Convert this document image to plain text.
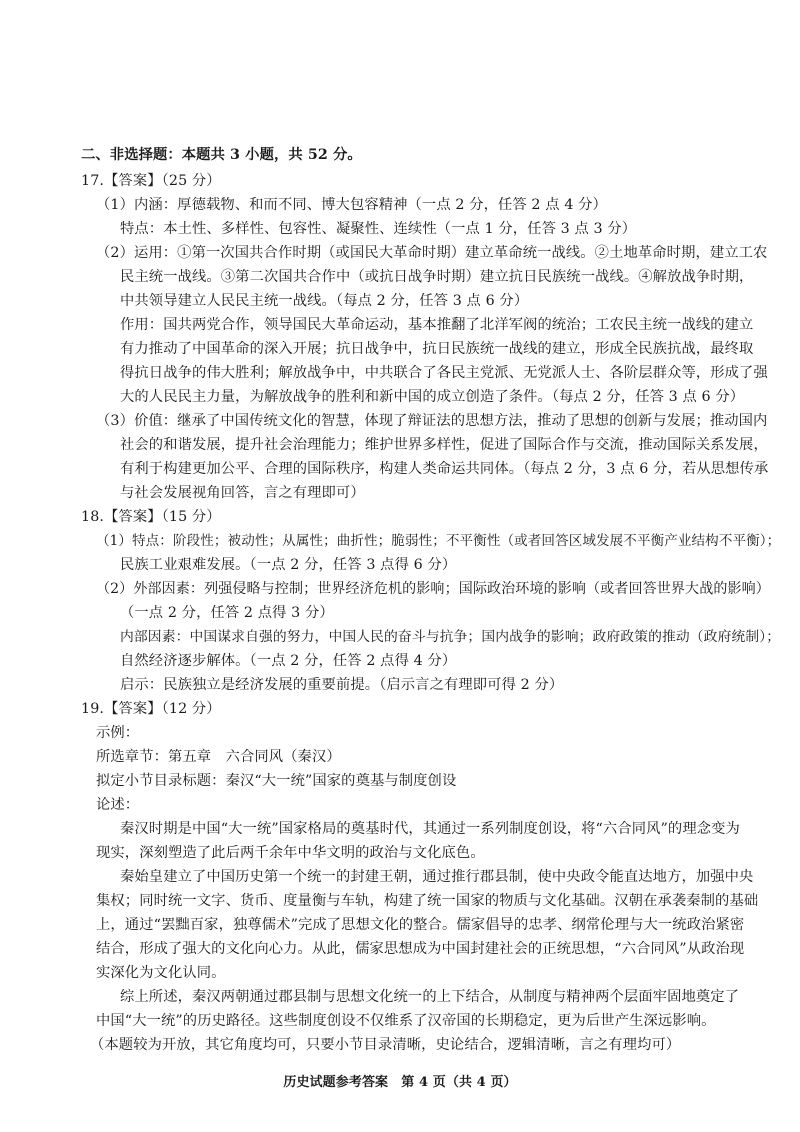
二、非选择题：本题共 3 小题，共 52 分。
17.【答案】（25 分）
（1）内涵：厚德载物、和而不同、博大包容精神（一点 2 分，任答 2 点 4 分）
特点：本土性、多样性、包容性、凝聚性、连续性（一点 1 分，任答 3 点 3 分）
（2）运用：①第一次国共合作时期（或国民大革命时期）建立革命统一战线。②土地革命时期，建立工农
民主统一战线。③第二次国共合作中（或抗日战争时期）建立抗日民族统一战线。④解放战争时期，
中共领导建立人民民主统一战线。（每点 2 分，任答 3 点 6 分）
作用：国共两党合作，领导国民大革命运动，基本推翻了北洋军阀的统治；工农民主统一战线的建立
有力推动了中国革命的深入开展；抗日战争中，抗日民族统一战线的建立，形成全民族抗战，最终取
得抗日战争的伟大胜利；解放战争中，中共联合了各民主党派、无党派人士、各阶层群众等，形成了强
大的人民民主力量，为解放战争的胜利和新中国的成立创造了条件。（每点 2 分，任答 3 点 6 分）
（3）价值：继承了中国传统文化的智慧，体现了辩证法的思想方法，推动了思想的创新与发展；推动国内
社会的和谐发展，提升社会治理能力；维护世界多样性，促进了国际合作与交流，推动国际关系发展，
有利于构建更加公平、合理的国际秩序，构建人类命运共同体。（每点 2 分，3 点 6 分，若从思想传承
与社会发展视角回答，言之有理即可）
18.【答案】（15 分）
（1）特点：阶段性；被动性；从属性；曲折性；脆弱性；不平衡性（或者回答区域发展不平衡产业结构不平衡）；
民族工业艰难发展。（一点 2 分，任答 3 点得 6 分）
（2）外部因素：列强侵略与控制；世界经济危机的影响；国际政治环境的影响（或者回答世界大战的影响）
（一点 2 分，任答 2 点得 3 分）
内部因素：中国谋求自强的努力，中国人民的奋斗与抗争；国内战争的影响；政府政策的推动（政府统制）；
自然经济逐步解体。（一点 2 分，任答 2 点得 4 分）
启示：民族独立是经济发展的重要前提。（启示言之有理即可得 2 分）
19.【答案】（12 分）
示例：
所选章节：第五章　六合同风（秦汉）
拟定小节目录标题：秦汉“大一统”国家的奠基与制度创设
论述：
秦汉时期是中国“大一统”国家格局的奠基时代，其通过一系列制度创设，将“六合同风”的理念变为
现实，深刻塑造了此后两千余年中华文明的政治与文化底色。
秦始皇建立了中国历史第一个统一的封建王朝，通过推行郡县制，使中央政令能直达地方，加强中央
集权；同时统一文字、货币、度量衡与车轨，构建了统一国家的物质与文化基础。汉朝在承袭秦制的基础
上，通过“罢黜百家，独尊儒术”完成了思想文化的整合。儒家倡导的忠孝、纲常伦理与大一统政治紧密
结合，形成了强大的文化向心力。从此，儒家思想成为中国封建社会的正统思想，“六合同风”从政治现
实深化为文化认同。
综上所述，秦汉两朝通过郡县制与思想文化统一的上下结合，从制度与精神两个层面牢固地奠定了
中国“大一统”的历史路径。这些制度创设不仅维系了汉帝国的长期稳定，更为后世产生深远影响。
（本题较为开放，其它角度均可，只要小节目录清晰，史论结合，逻辑清晰，言之有理均可）
历史试题参考答案　第 4 页（共 4 页）
